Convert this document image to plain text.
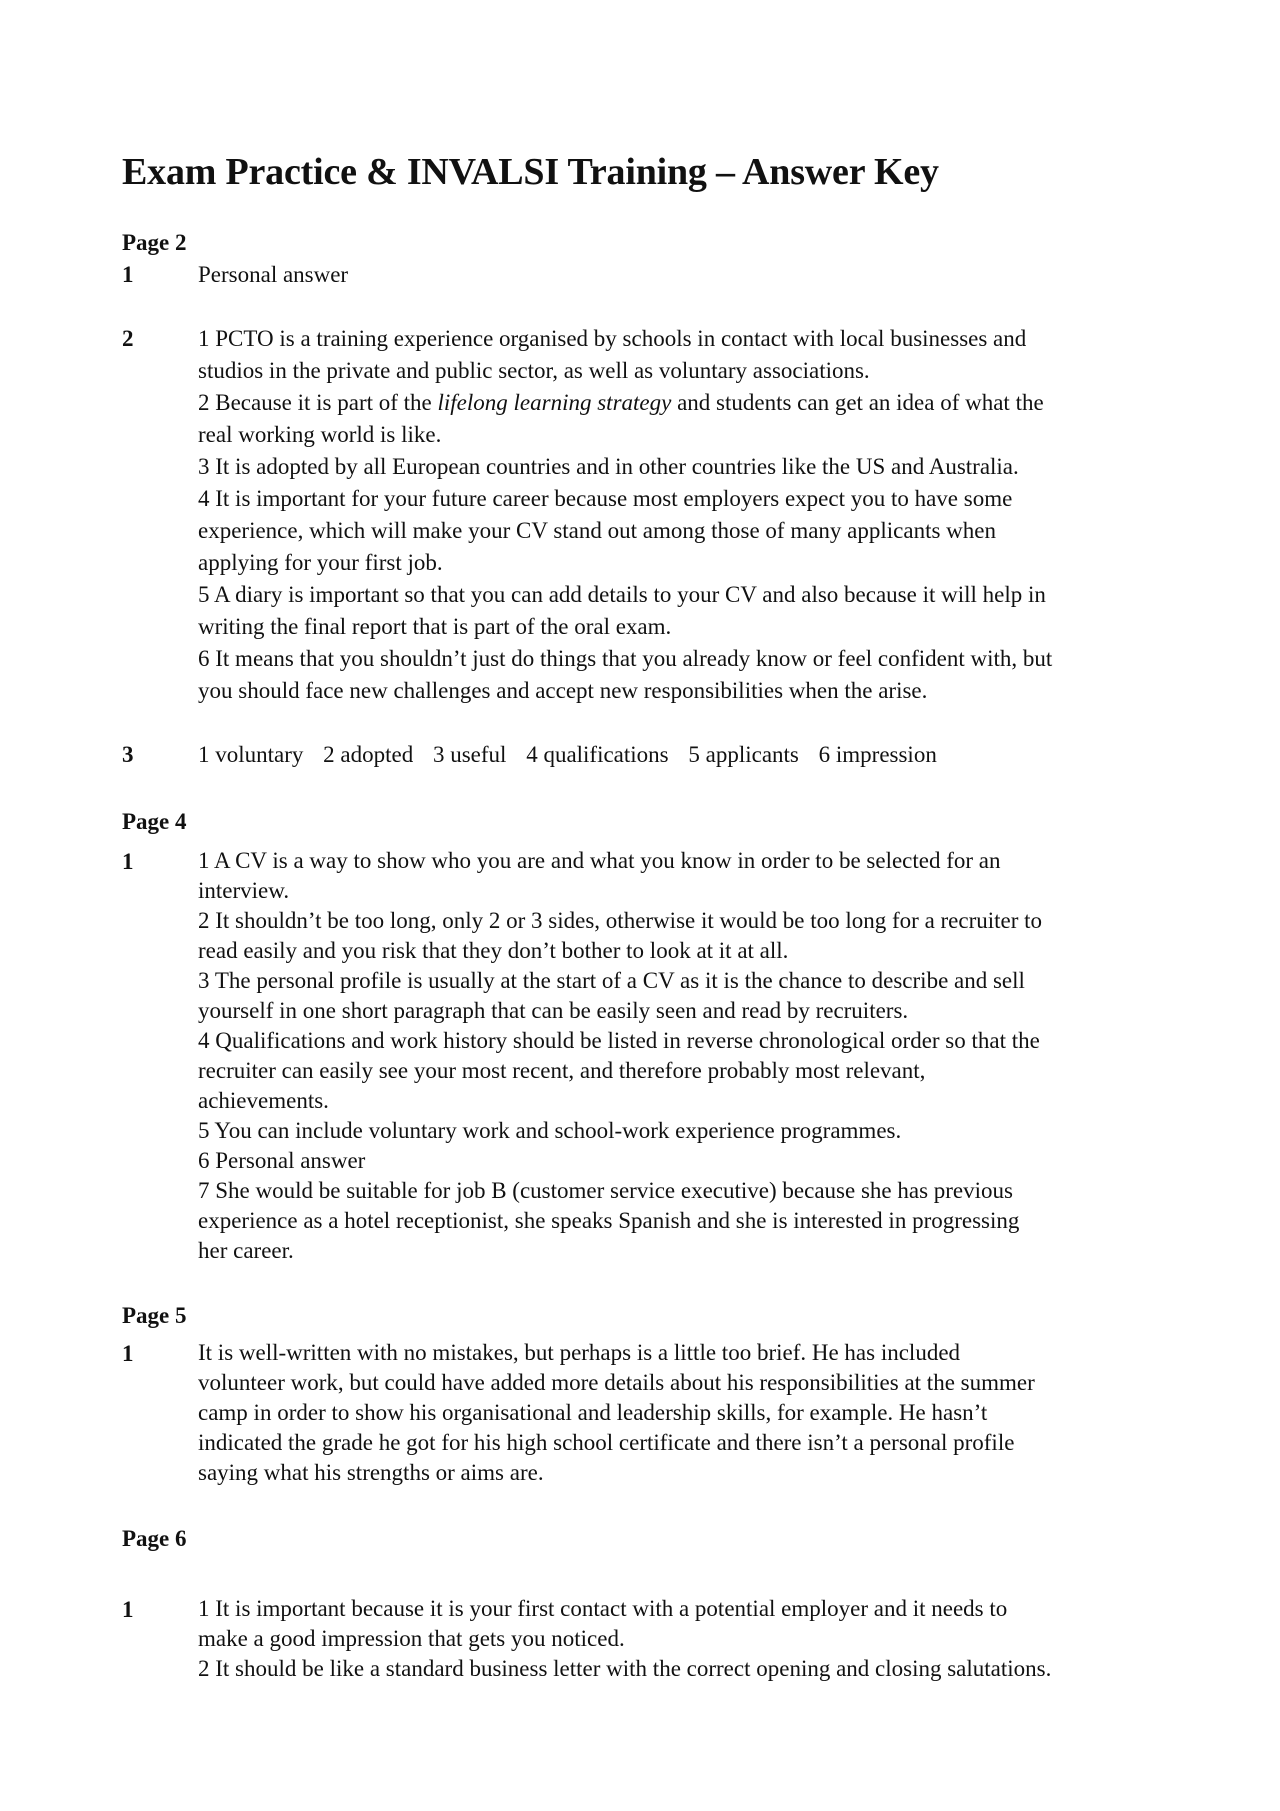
Exam Practice & INVALSI Training – Answer Key
Page 2
1	Personal answer
2	1 PCTO is a training experience organised by schools in contact with local businesses and
studios in the private and public sector, as well as voluntary associations.
2 Because it is part of the lifelong learning strategy and students can get an idea of what the
real working world is like.
3 It is adopted by all European countries and in other countries like the US and Australia.
4 It is important for your future career because most employers expect you to have some
experience, which will make your CV stand out among those of many applicants when
applying for your first job.
5 A diary is important so that you can add details to your CV and also because it will help in
writing the final report that is part of the oral exam.
6 It means that you shouldn’t just do things that you already know or feel confident with, but
you should face new challenges and accept new responsibilities when the arise.
3	1 voluntary 2 adopted 3 useful 4 qualifications 5 applicants 6 impression
Page 4
1	1 A CV is a way to show who you are and what you know in order to be selected for an
interview.
2 It shouldn’t be too long, only 2 or 3 sides, otherwise it would be too long for a recruiter to
read easily and you risk that they don’t bother to look at it at all.
3 The personal profile is usually at the start of a CV as it is the chance to describe and sell
yourself in one short paragraph that can be easily seen and read by recruiters.
4 Qualifications and work history should be listed in reverse chronological order so that the
recruiter can easily see your most recent, and therefore probably most relevant,
achievements.
5 You can include voluntary work and school-work experience programmes.
6 Personal answer
7 She would be suitable for job B (customer service executive) because she has previous
experience as a hotel receptionist, she speaks Spanish and she is interested in progressing
her career.
Page 5
1	It is well-written with no mistakes, but perhaps is a little too brief. He has included
volunteer work, but could have added more details about his responsibilities at the summer
camp in order to show his organisational and leadership skills, for example. He hasn’t
indicated the grade he got for his high school certificate and there isn’t a personal profile
saying what his strengths or aims are.
Page 6
1	1 It is important because it is your first contact with a potential employer and it needs to
make a good impression that gets you noticed.
2 It should be like a standard business letter with the correct opening and closing salutations.
